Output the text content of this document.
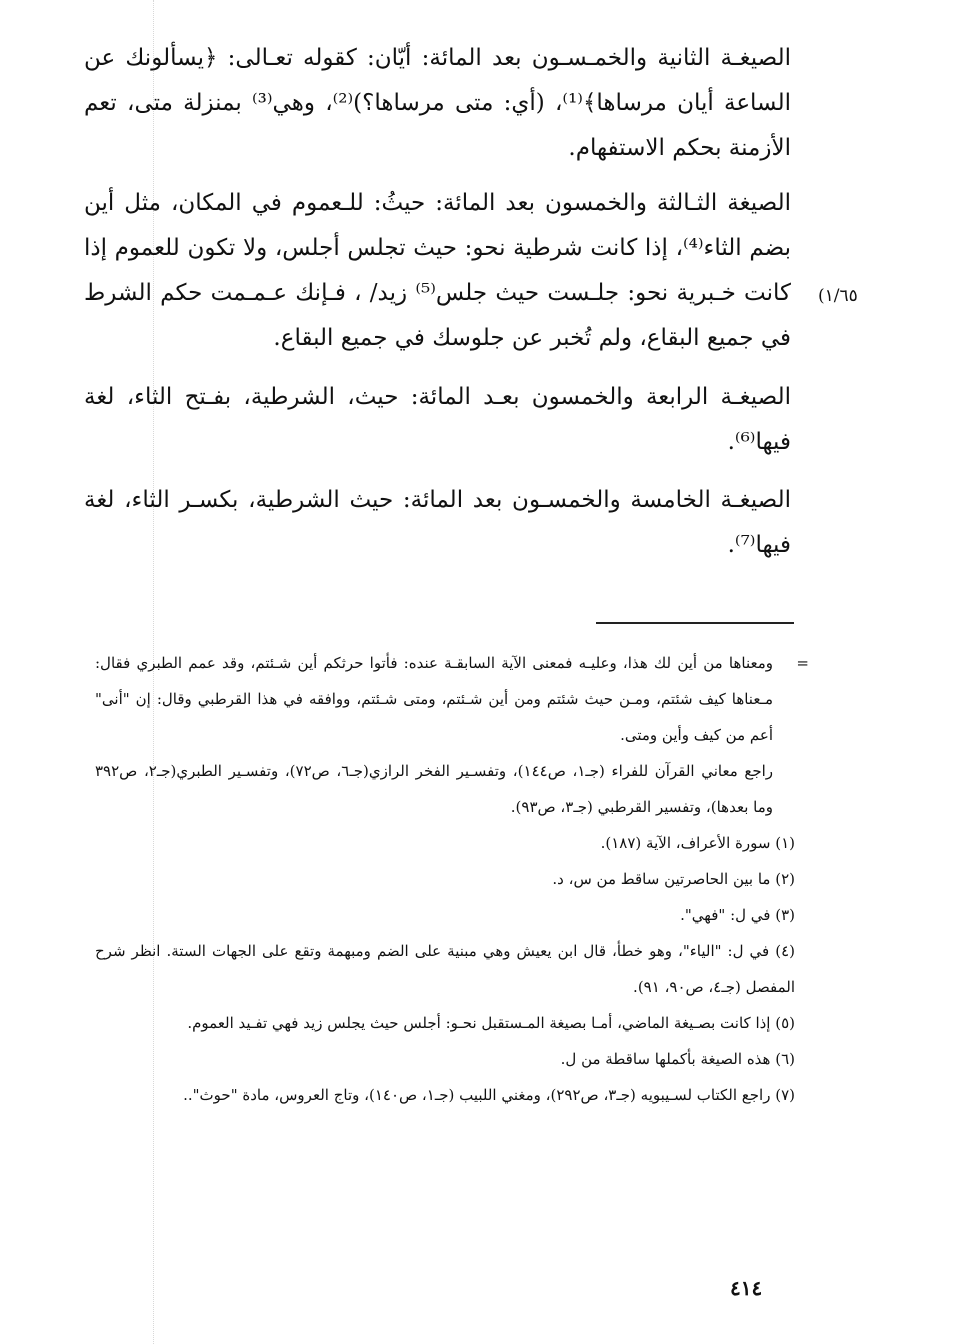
الصيغـة الثانية والخمـسـون بعد المائة: أيّان: كقوله تعـالى: ﴿يسألونك عن الساعة أيان مرساها﴾⁽¹⁾، (أي: متى مرساها؟)⁽²⁾، وهي⁽³⁾ بمنزلة متى، تعم الأزمنة بحكم الاستفهام.

الصيغة الثـالثة والخمسون بعد المائة: حيثُ: للـعموم في المكان، مثل أين بضم الثاء⁽⁴⁾، إذا كانت شرطية نحو: حيث تجلس أجلس، ولا تكون للعموم إذا كانت خـبرية نحو: جلـست حيث جلس⁽⁵⁾ زيد/ ، فـإنك عـمـمت حكم الشرط في جميع البقاع، ولم تُخبر عن جلوسك في جميع البقاع.

الصيغـة الرابعة والخمسون بعـد المائة: حيث، الشرطية، بفـتح الثاء، لغة فيها⁽⁶⁾.

الصيغـة الخامسة والخمسـون بعد المائة: حيث الشرطية، بكسـر الثاء، لغة فيها⁽⁷⁾.

(١/٦٥

=
ومعناها من أين لك هذا، وعليـه فمعنى الآية السابقـة عنده: فأتوا حرثكم أين شـئتم، وقد عمم الطبري فقال: مـعناها كيف شئتم، ومـن حيث شئتم ومن أين شـئتم، ومتى شـئتم، ووافقه في هذا القرطبي وقال: إن "أنى" أعم من كيف وأين ومتى.

راجع معاني القرآن للفراء (جـ١، ص١٤٤)، وتفسـير الفخر الرازي(جـ٦، ص٧٢)، وتفسـير الطبري(جـ٢، ص٣٩٢ وما بعدها)، وتفسير القرطبي (جـ٣، ص٩٣).

(١) سورة الأعراف، الآية (١٨٧).

(٢) ما بين الحاصرتين ساقط من س، د.

(٣) في ل: "فهي".

(٤) في ل: "الياء"، وهو خطأ، قال ابن يعيش وهي مبنية على الضم ومبهمة وتقع على الجهات الستة. انظر شرح المفصل (جـ٤، ص٩٠، ٩١).

(٥) إذا كانت بصـيغة الماضي، أمـا بصيغة المـستقبل نحـو: أجلس حيث يجلس زيد فهي تفـيد العموم.

(٦) هذه الصيغة بأكملها ساقطة من ل.

(٧) راجع الكتاب لسـيبويه (جـ٣، ص٢٩٢)، ومغني اللبيب (جـ١، ص١٤٠)، وتاج العروس، مادة "حوث"..

٤١٤
